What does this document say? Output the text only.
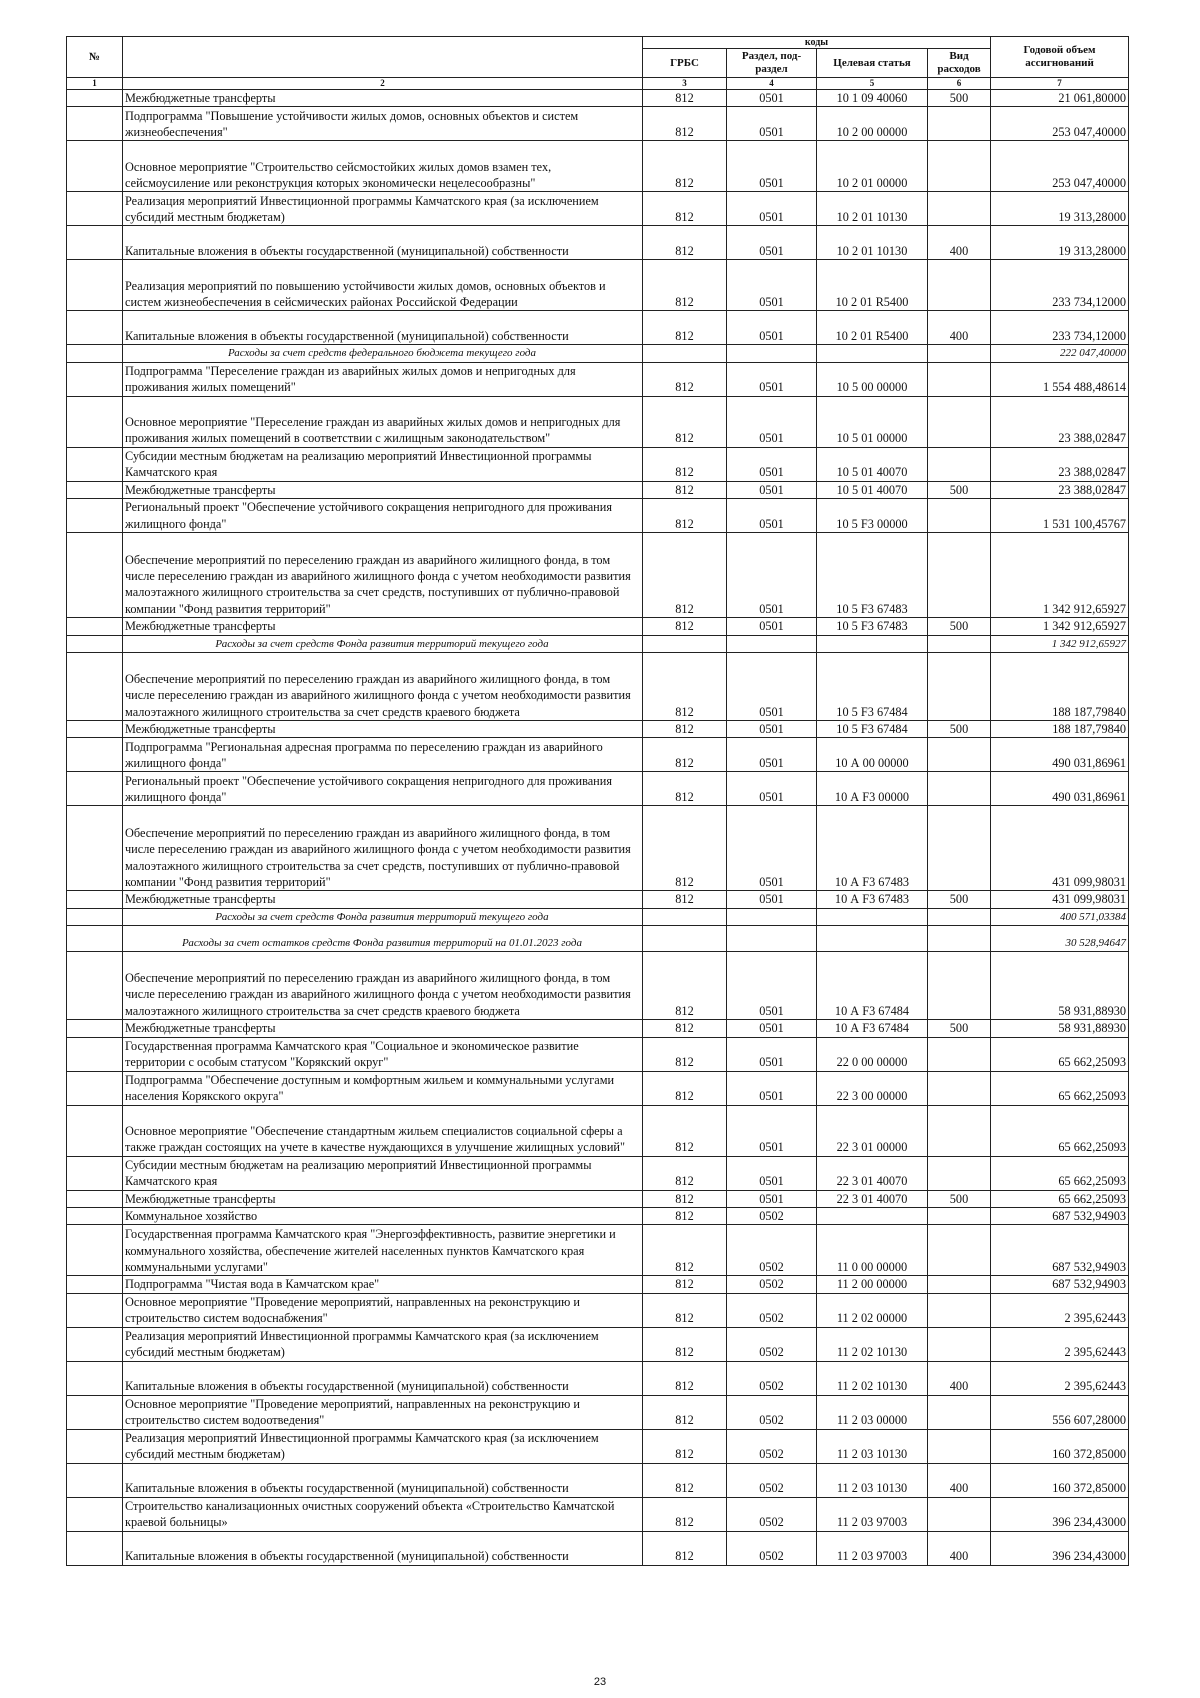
№		коды				Годовой объем ассигнований
		ГРБС	Раздел, под-раздел	Целевая статья	Вид расходов	
1	2	3	4	5	6	7
	Межбюджетные трансферты	812	0501	10 1 09 40060	500	21 061,80000
	Подпрограмма "Повышение устойчивости жилых домов, основных объектов и систем жизнеобеспечения"	812	0501	10 2 00 00000		253 047,40000
	Основное мероприятие "Строительство сейсмостойких жилых домов взамен тех, сейсмоусиление или реконструкция которых экономически нецелесообразны"	812	0501	10 2 01 00000		253 047,40000
	Реализация мероприятий Инвестиционной программы Камчатского края (за исключением субсидий местным бюджетам)	812	0501	10 2 01 10130		19 313,28000
	Капитальные вложения в объекты государственной (муниципальной) собственности	812	0501	10 2 01 10130	400	19 313,28000
	Реализация мероприятий по повышению устойчивости жилых домов, основных объектов и систем жизнеобеспечения в сейсмических районах Российской Федерации	812	0501	10 2 01 R5400		233 734,12000
	Капитальные вложения в объекты государственной (муниципальной) собственности	812	0501	10 2 01 R5400	400	233 734,12000
	Расходы за счет средств федерального бюджета текущего года					222 047,40000
	Подпрограмма "Переселение граждан из аварийных жилых домов и непригодных для проживания жилых помещений"	812	0501	10 5 00 00000		1 554 488,48614
	Основное мероприятие "Переселение граждан из аварийных жилых домов и непригодных для проживания жилых помещений в соответствии с жилищным законодательством"	812	0501	10 5 01 00000		23 388,02847
	Субсидии местным бюджетам на реализацию мероприятий Инвестиционной программы Камчатского края	812	0501	10 5 01 40070		23 388,02847
	Межбюджетные трансферты	812	0501	10 5 01 40070	500	23 388,02847
	Региональный проект "Обеспечение устойчивого сокращения непригодного для проживания жилищного фонда"	812	0501	10 5 F3 00000		1 531 100,45767
	Обеспечение мероприятий по переселению граждан из аварийного жилищного фонда, в том числе переселению граждан из аварийного жилищного фонда с учетом необходимости развития малоэтажного жилищного строительства за счет средств, поступивших от публично-правовой компании "Фонд развития территорий"	812	0501	10 5 F3 67483		1 342 912,65927
	Межбюджетные трансферты	812	0501	10 5 F3 67483	500	1 342 912,65927
	Расходы за счет средств Фонда развития территорий текущего года					1 342 912,65927
	Обеспечение мероприятий по переселению граждан из аварийного жилищного фонда, в том числе переселению граждан из аварийного жилищного фонда с учетом необходимости развития малоэтажного жилищного строительства за счет средств краевого бюджета	812	0501	10 5 F3 67484		188 187,79840
	Межбюджетные трансферты	812	0501	10 5 F3 67484	500	188 187,79840
	Подпрограмма "Региональная адресная программа по переселению граждан из аварийного жилищного фонда"	812	0501	10 А 00 00000		490 031,86961
	Региональный проект "Обеспечение устойчивого сокращения непригодного для проживания жилищного фонда"	812	0501	10 А F3 00000		490 031,86961
	Обеспечение мероприятий по переселению граждан из аварийного жилищного фонда, в том числе переселению граждан из аварийного жилищного фонда с учетом необходимости развития малоэтажного жилищного строительства за счет средств, поступивших от публично-правовой компании "Фонд развития территорий"	812	0501	10 А F3 67483		431 099,98031
	Межбюджетные трансферты	812	0501	10 А F3 67483	500	431 099,98031
	Расходы за счет средств Фонда развития территорий текущего года					400 571,03384
	Расходы за счет остатков средств Фонда развития территорий на 01.01.2023 года					30 528,94647
	Обеспечение мероприятий по переселению граждан из аварийного жилищного фонда, в том числе переселению граждан из аварийного жилищного фонда с учетом необходимости развития малоэтажного жилищного строительства за счет средств краевого бюджета	812	0501	10 А F3 67484		58 931,88930
	Межбюджетные трансферты	812	0501	10 А F3 67484	500	58 931,88930
	Государственная программа Камчатского края "Социальное и экономическое развитие территории с особым статусом "Корякский округ"	812	0501	22 0 00 00000		65 662,25093
	Подпрограмма "Обеспечение доступным и комфортным жильем и коммунальными услугами населения Корякского округа"	812	0501	22 3 00 00000		65 662,25093
	Основное мероприятие "Обеспечение стандартным жильем специалистов социальной сферы а также граждан состоящих на учете в качестве нуждающихся в улучшение жилищных условий"	812	0501	22 3 01 00000		65 662,25093
	Субсидии местным бюджетам на реализацию мероприятий Инвестиционной программы Камчатского края	812	0501	22 3 01 40070		65 662,25093
	Межбюджетные трансферты	812	0501	22 3 01 40070	500	65 662,25093
	Коммунальное хозяйство	812	0502			687 532,94903
	Государственная программа Камчатского края "Энергоэффективность, развитие энергетики и коммунального хозяйства, обеспечение жителей населенных пунктов Камчатского края коммунальными услугами"	812	0502	11 0 00 00000		687 532,94903
	Подпрограмма "Чистая вода в Камчатском крае"	812	0502	11 2 00 00000		687 532,94903
	Основное мероприятие "Проведение мероприятий, направленных на реконструкцию и строительство систем водоснабжения"	812	0502	11 2 02 00000		2 395,62443
	Реализация мероприятий Инвестиционной программы Камчатского края (за исключением субсидий местным бюджетам)	812	0502	11 2 02 10130		2 395,62443
	Капитальные вложения в объекты государственной (муниципальной) собственности	812	0502	11 2 02 10130	400	2 395,62443
	Основное мероприятие "Проведение мероприятий, направленных на реконструкцию и строительство систем водоотведения"	812	0502	11 2 03 00000		556 607,28000
	Реализация мероприятий Инвестиционной программы Камчатского края (за исключением субсидий местным бюджетам)	812	0502	11 2 03 10130		160 372,85000
	Капитальные вложения в объекты государственной (муниципальной) собственности	812	0502	11 2 03 10130	400	160 372,85000
	Строительство канализационных очистных сооружений объекта «Строительство Камчатской краевой больницы»	812	0502	11 2 03 97003		396 234,43000
	Капитальные вложения в объекты государственной (муниципальной) собственности	812	0502	11 2 03 97003	400	396 234,43000
23
